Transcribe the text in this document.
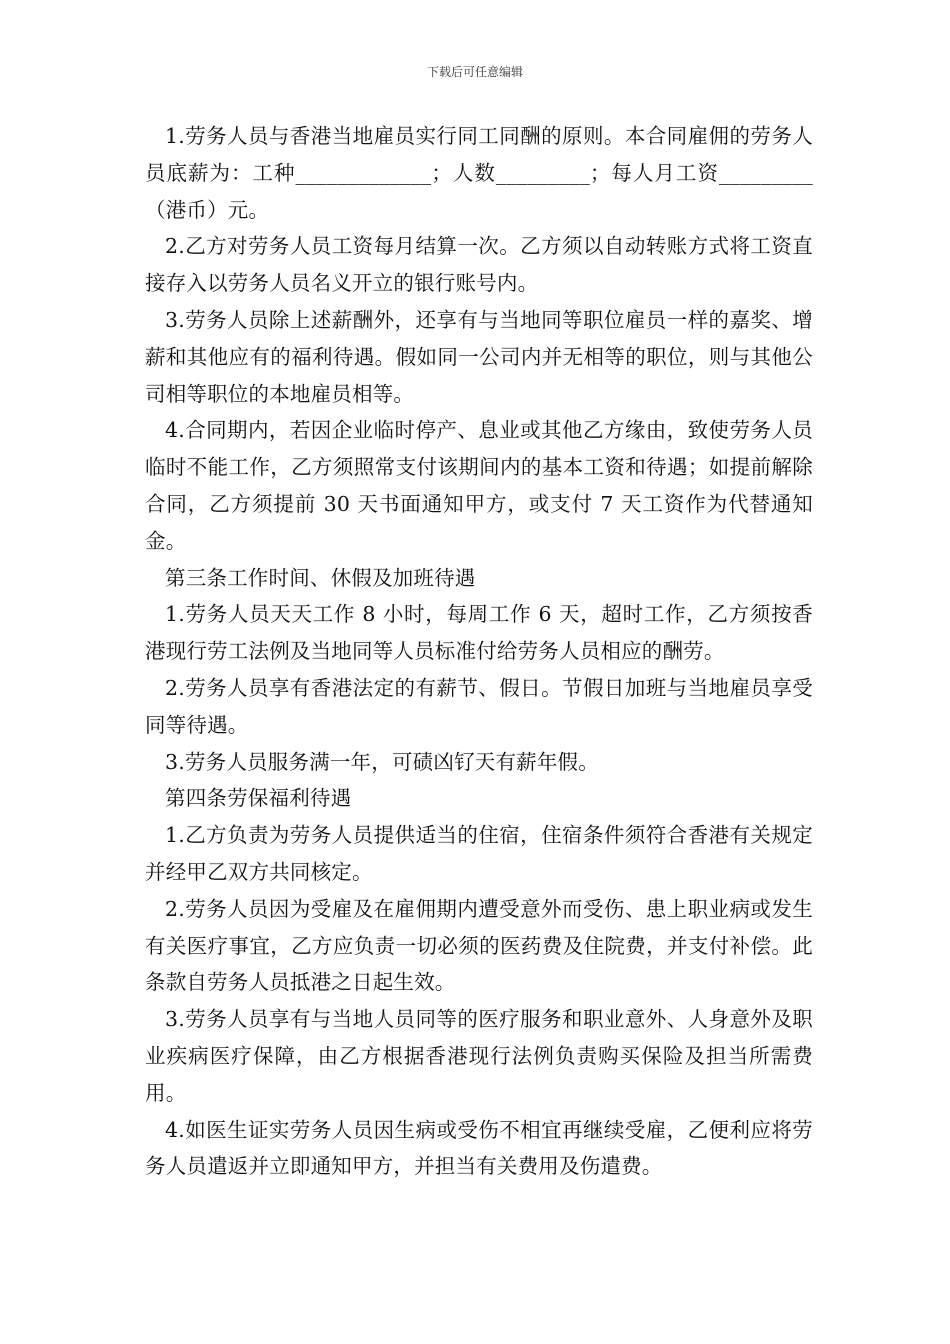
下载后可任意编辑

1.劳务人员与香港当地雇员实行同工同酬的原则。本合同雇佣的劳务人员底薪为：工种_____________；人数_________；每人月工资_________（港币）元。

2.乙方对劳务人员工资每月结算一次。乙方须以自动转账方式将工资直接存入以劳务人员名义开立的银行账号内。

3.劳务人员除上述薪酬外，还享有与当地同等职位雇员一样的嘉奖、增薪和其他应有的福利待遇。假如同一公司内并无相等的职位，则与其他公司相等职位的本地雇员相等。

4.合同期内，若因企业临时停产、息业或其他乙方缘由，致使劳务人员临时不能工作，乙方须照常支付该期间内的基本工资和待遇；如提前解除合同，乙方须提前 30 天书面通知甲方，或支付 7 天工资作为代替通知金。

第三条工作时间、休假及加班待遇

1.劳务人员天天工作 8 小时，每周工作 6 天，超时工作，乙方须按香港现行劳工法例及当地同等人员标准付给劳务人员相应的酬劳。

2.劳务人员享有香港法定的有薪节、假日。节假日加班与当地雇员享受同等待遇。

3.劳务人员服务满一年，可碛凶钌天有薪年假。

第四条劳保福利待遇

1.乙方负责为劳务人员提供适当的住宿，住宿条件须符合香港有关规定并经甲乙双方共同核定。

2.劳务人员因为受雇及在雇佣期内遭受意外而受伤、患上职业病或发生有关医疗事宜，乙方应负责一切必须的医药费及住院费，并支付补偿。此条款自劳务人员抵港之日起生效。

3.劳务人员享有与当地人员同等的医疗服务和职业意外、人身意外及职业疾病医疗保障，由乙方根据香港现行法例负责购买保险及担当所需费用。

4.如医生证实劳务人员因生病或受伤不相宜再继续受雇，乙便利应将劳务人员遣返并立即通知甲方，并担当有关费用及伤遣费。
